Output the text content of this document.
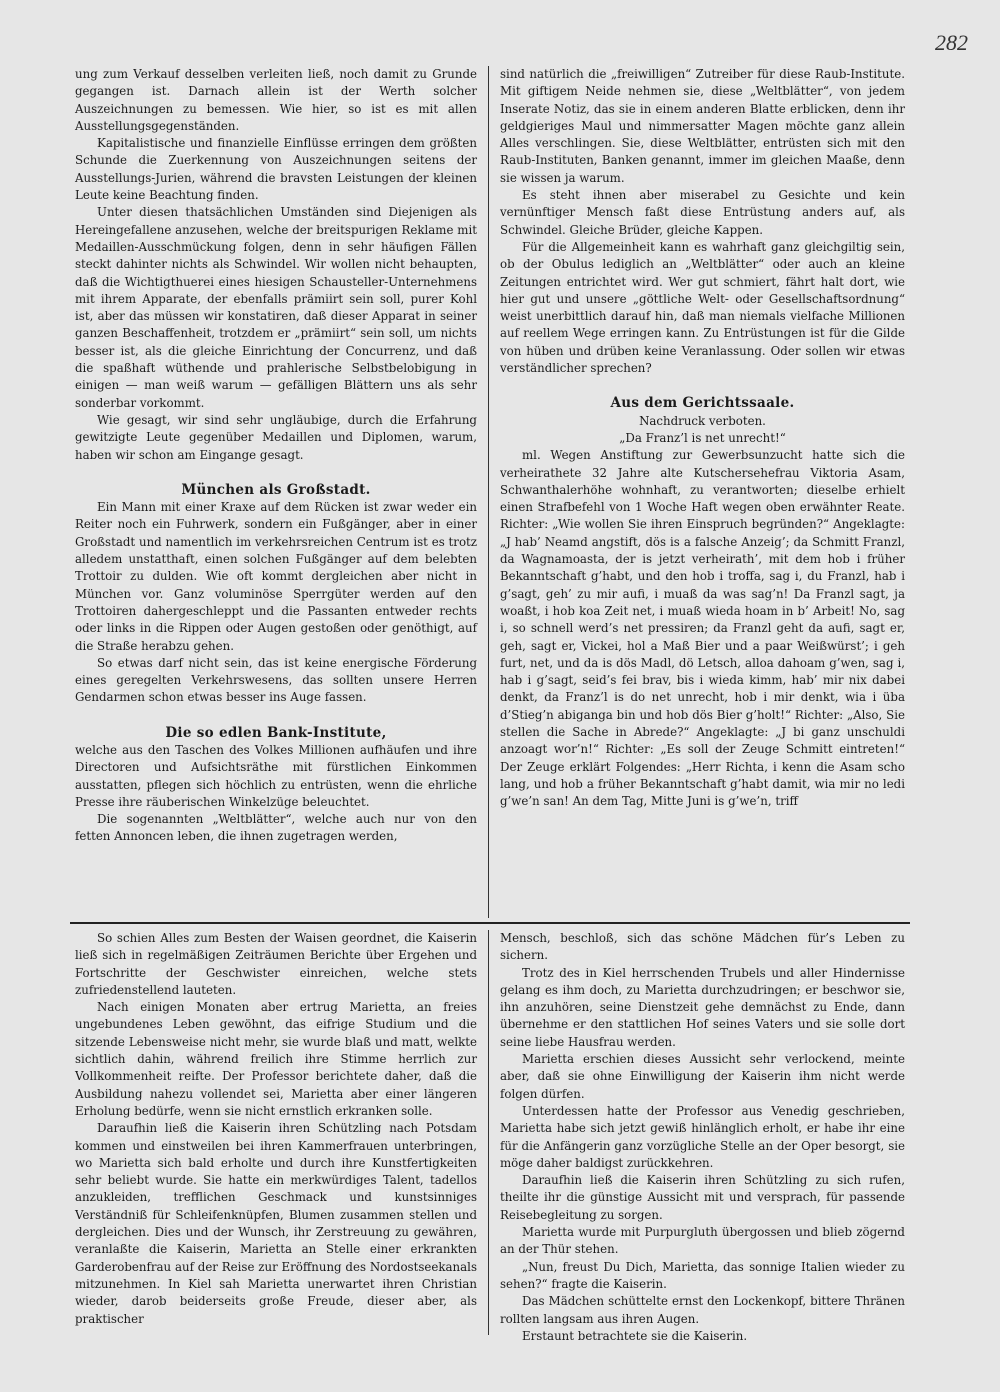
282

ung zum Verkauf desselben verleiten ließ, noch damit zu Grunde gegangen ist. Darnach allein ist der Werth solcher Auszeichnungen zu bemessen. Wie hier, so ist es mit allen Ausstellungsgegenständen.

Kapitalistische und finanzielle Einflüsse erringen dem größten Schunde die Zuerkennung von Auszeichnungen seitens der Ausstellungs-Jurien, während die bravsten Leistungen der kleinen Leute keine Beachtung finden.

Unter diesen thatsächlichen Umständen sind Diejenigen als Hereingefallene anzusehen, welche der breitspurigen Reklame mit Medaillen-Ausschmückung folgen, denn in sehr häufigen Fällen steckt dahinter nichts als Schwindel. Wir wollen nicht behaupten, daß die Wichtigthuerei eines hiesigen Schausteller-Unternehmens mit ihrem Apparate, der ebenfalls prämiirt sein soll, purer Kohl ist, aber das müssen wir konstatiren, daß dieser Apparat in seiner ganzen Beschaffenheit, trotzdem er „prämiirt“ sein soll, um nichts besser ist, als die gleiche Einrichtung der Concurrenz, und daß die spaßhaft wüthende und prahlerische Selbstbelobigung in einigen — man weiß warum — gefälligen Blättern uns als sehr sonderbar vorkommt.

Wie gesagt, wir sind sehr ungläubige, durch die Erfahrung gewitzigte Leute gegenüber Medaillen und Diplomen, warum, haben wir schon am Eingange gesagt.

München als Großstadt.

Ein Mann mit einer Kraxe auf dem Rücken ist zwar weder ein Reiter noch ein Fuhrwerk, sondern ein Fußgänger, aber in einer Großstadt und namentlich im verkehrsreichen Centrum ist es trotz alledem unstatthaft, einen solchen Fußgänger auf dem belebten Trottoir zu dulden. Wie oft kommt dergleichen aber nicht in München vor. Ganz voluminöse Sperrgüter werden auf den Trottoiren dahergeschleppt und die Passanten entweder rechts oder links in die Rippen oder Augen gestoßen oder genöthigt, auf die Straße herabzu gehen.

So etwas darf nicht sein, das ist keine energische Förderung eines geregelten Verkehrswesens, das sollten unsere Herren Gendarmen schon etwas besser ins Auge fassen.

Die so edlen Bank-Institute,

welche aus den Taschen des Volkes Millionen aufhäufen und ihre Directoren und Aufsichtsräthe mit fürstlichen Einkommen ausstatten, pflegen sich höchlich zu entrüsten, wenn die ehrliche Presse ihre räuberischen Winkelzüge beleuchtet.

Die sogenannten „Weltblätter“, welche auch nur von den fetten Annoncen leben, die ihnen zugetragen werden,

sind natürlich die „freiwilligen“ Zutreiber für diese Raub-Institute. Mit giftigem Neide nehmen sie, diese „Weltblätter“, von jedem Inserate Notiz, das sie in einem anderen Blatte erblicken, denn ihr geldgieriges Maul und nimmersatter Magen möchte ganz allein Alles verschlingen. Sie, diese Weltblätter, entrüsten sich mit den Raub-Instituten, Banken genannt, immer im gleichen Maaße, denn sie wissen ja warum.

Es steht ihnen aber miserabel zu Gesichte und kein vernünftiger Mensch faßt diese Entrüstung anders auf, als Schwindel. Gleiche Brüder, gleiche Kappen.

Für die Allgemeinheit kann es wahrhaft ganz gleichgiltig sein, ob der Obulus lediglich an „Weltblätter“ oder auch an kleine Zeitungen entrichtet wird. Wer gut schmiert, fährt halt dort, wie hier gut und unsere „göttliche Welt- oder Gesellschaftsordnung“ weist unerbittlich darauf hin, daß man niemals vielfache Millionen auf reellem Wege erringen kann. Zu Entrüstungen ist für die Gilde von hüben und drüben keine Veranlassung. Oder sollen wir etwas verständlicher sprechen?

Aus dem Gerichtssaale.

Nachdruck verboten.

„Da Franz’l is net unrecht!“

ml. Wegen Anstiftung zur Gewerbsunzucht hatte sich die verheirathete 32 Jahre alte Kutschersehefrau Viktoria Asam, Schwanthalerhöhe wohnhaft, zu verantworten; dieselbe erhielt einen Strafbefehl von 1 Woche Haft wegen oben erwähnter Reate. Richter: „Wie wollen Sie ihren Einspruch begründen?“ Angeklagte: „J hab’ Neamd angstift, dös is a falsche Anzeig’; da Schmitt Franzl, da Wagnamoasta, der is jetzt verheirath’, mit dem hob i früher Bekanntschaft g’habt, und den hob i troffa, sag i, du Franzl, hab i g’sagt, geh’ zu mir aufi, i muaß da was sag’n! Da Franzl sagt, ja woaßt, i hob koa Zeit net, i muaß wieda hoam in b’ Arbeit! No, sag i, so schnell werd’s net pressiren; da Franzl geht da aufi, sagt er, geh, sagt er, Vickei, hol a Maß Bier und a paar Weißwürst’; i geh furt, net, und da is dös Madl, dö Letsch, alloa dahoam g’wen, sag i, hab i g’sagt, seid’s fei brav, bis i wieda kimm, hab’ mir nix dabei denkt, da Franz’l is do net unrecht, hob i mir denkt, wia i üba d’Stieg’n abiganga bin und hob dös Bier g’holt!“ Richter: „Also, Sie stellen die Sache in Abrede?“ Angeklagte: „J bi ganz unschuldi anzoagt wor’n!“ Richter: „Es soll der Zeuge Schmitt eintreten!“ Der Zeuge erklärt Folgendes: „Herr Richta, i kenn die Asam scho lang, und hob a früher Bekanntschaft g’habt damit, wia mir no ledi g’we’n san! An dem Tag, Mitte Juni is g’we’n, triff

So schien Alles zum Besten der Waisen geordnet, die Kaiserin ließ sich in regelmäßigen Zeiträumen Berichte über Ergehen und Fortschritte der Geschwister einreichen, welche stets zufriedenstellend lauteten.

Nach einigen Monaten aber ertrug Marietta, an freies ungebundenes Leben gewöhnt, das eifrige Studium und die sitzende Lebensweise nicht mehr, sie wurde blaß und matt, welkte sichtlich dahin, während freilich ihre Stimme herrlich zur Vollkommenheit reifte. Der Professor berichtete daher, daß die Ausbildung nahezu vollendet sei, Marietta aber einer längeren Erholung bedürfe, wenn sie nicht ernstlich erkranken solle.

Daraufhin ließ die Kaiserin ihren Schützling nach Potsdam kommen und einstweilen bei ihren Kammerfrauen unterbringen, wo Marietta sich bald erholte und durch ihre Kunstfertigkeiten sehr beliebt wurde. Sie hatte ein merkwürdiges Talent, tadellos anzukleiden, trefflichen Geschmack und kunstsinniges Verständniß für Schleifenknüpfen, Blumen zusammen stellen und dergleichen. Dies und der Wunsch, ihr Zerstreuung zu gewähren, veranlaßte die Kaiserin, Marietta an Stelle einer erkrankten Garderobenfrau auf der Reise zur Eröffnung des Nordostseekanals mitzunehmen. In Kiel sah Marietta unerwartet ihren Christian wieder, darob beiderseits große Freude, dieser aber, als praktischer

Mensch, beschloß, sich das schöne Mädchen für’s Leben zu sichern.

Trotz des in Kiel herrschenden Trubels und aller Hindernisse gelang es ihm doch, zu Marietta durchzudringen; er beschwor sie, ihn anzuhören, seine Dienstzeit gehe demnächst zu Ende, dann übernehme er den stattlichen Hof seines Vaters und sie solle dort seine liebe Hausfrau werden.

Marietta erschien dieses Aussicht sehr verlockend, meinte aber, daß sie ohne Einwilligung der Kaiserin ihm nicht werde folgen dürfen.

Unterdessen hatte der Professor aus Venedig geschrieben, Marietta habe sich jetzt gewiß hinlänglich erholt, er habe ihr eine für die Anfängerin ganz vorzügliche Stelle an der Oper besorgt, sie möge daher baldigst zurückkehren.

Daraufhin ließ die Kaiserin ihren Schützling zu sich rufen, theilte ihr die günstige Aussicht mit und versprach, für passende Reisebegleitung zu sorgen.

Marietta wurde mit Purpurgluth übergossen und blieb zögernd an der Thür stehen.

„Nun, freust Du Dich, Marietta, das sonnige Italien wieder zu sehen?“ fragte die Kaiserin.

Das Mädchen schüttelte ernst den Lockenkopf, bittere Thränen rollten langsam aus ihren Augen.

Erstaunt betrachtete sie die Kaiserin.
